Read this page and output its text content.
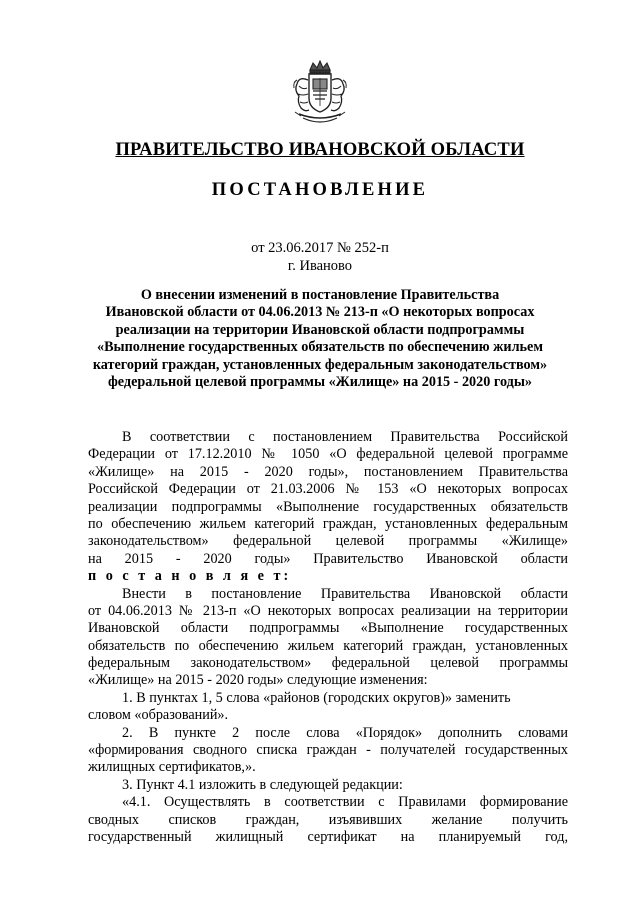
ПРАВИТЕЛЬСТВО ИВАНОВСКОЙ ОБЛАСТИ
ПОСТАНОВЛЕНИЕ
от 23.06.2017 № 252-п
г. Иваново
О внесении изменений в постановление Правительства
Ивановской области от 04.06.2013 № 213-п «О некоторых вопросах
реализации на территории Ивановской области подпрограммы
«Выполнение государственных обязательств по обеспечению жильем
категорий граждан, установленных федеральным законодательством»
федеральной целевой программы «Жилище» на 2015 - 2020 годы»
В соответствии с постановлением Правительства Российской
Федерации от 17.12.2010 № 1050 «О федеральной целевой программе
«Жилище» на 2015 - 2020 годы», постановлением Правительства
Российской Федерации от 21.03.2006 № 153 «О некоторых вопросах
реализации подпрограммы «Выполнение государственных обязательств
по обеспечению жильем категорий граждан, установленных федеральным
законодательством» федеральной целевой программы «Жилище»
на 2015 - 2020 годы» Правительство Ивановской области
п о с т а н о в л я е т:
Внести в постановление Правительства Ивановской области
от 04.06.2013 № 213-п «О некоторых вопросах реализации на территории
Ивановской области подпрограммы «Выполнение государственных
обязательств по обеспечению жильем категорий граждан, установленных
федеральным законодательством» федеральной целевой программы
«Жилище» на 2015 - 2020 годы» следующие изменения:
1. В пунктах 1, 5 слова «районов (городских округов)» заменить
словом «образований».
2. В пункте 2 после слова «Порядок» дополнить словами
«формирования сводного списка граждан - получателей государственных
жилищных сертификатов,».
3. Пункт 4.1 изложить в следующей редакции:
«4.1. Осуществлять в соответствии с Правилами формирование
сводных списков граждан, изъявивших желание получить
государственный жилищный сертификат на планируемый год,
